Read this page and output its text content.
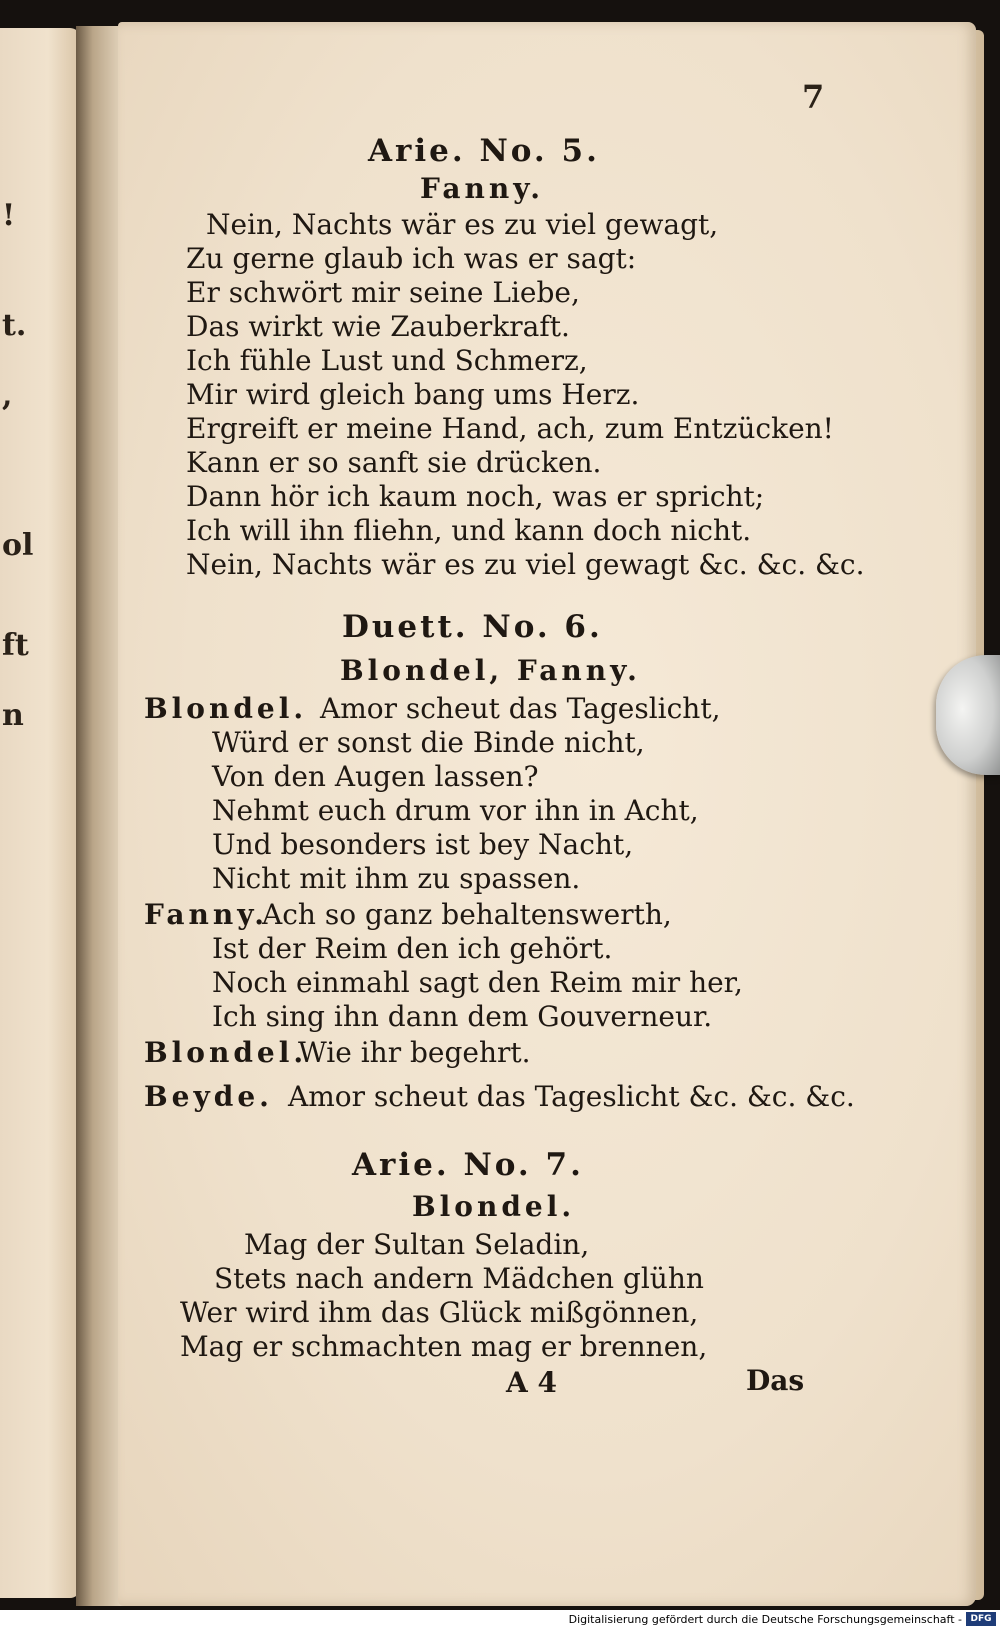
!
t.
,
ol
ft
n
7
Arie. No. 5.
Fanny.
Nein, Nachts wär es zu viel gewagt,
Zu gerne glaub ich was er sagt:
Er schwört mir seine Liebe,
Das wirkt wie Zauberkraft.
Ich fühle Lust und Schmerz,
Mir wird gleich bang ums Herz.
Ergreift er meine Hand, ach, zum Entzücken!
Kann er so sanft sie drücken.
Dann hör ich kaum noch, was er spricht;
Ich will ihn fliehn, und kann doch nicht.
Nein, Nachts wär es zu viel gewagt &c. &c. &c.
Duett. No. 6.
Blondel, Fanny.
Blondel. Amor scheut das Tageslicht,
Würd er sonst die Binde nicht,
Von den Augen lassen?
Nehmt euch drum vor ihn in Acht,
Und besonders ist bey Nacht,
Nicht mit ihm zu spassen.
Fanny.
Ach so ganz behaltenswerth,
Ist der Reim den ich gehört.
Noch einmahl sagt den Reim mir her,
Ich sing ihn dann dem Gouverneur.
Blondel.
Wie ihr begehrt.
Beyde. Amor scheut das Tageslicht &c. &c. &c.
Arie. No. 7.
Blondel.
Mag der Sultan Seladin,
Stets nach andern Mädchen glühn
Wer wird ihm das Glück mißgönnen,
Mag er schmachten mag er brennen,
A 4	Das
Digitalisierung gefördert durch die Deutsche Forschungsgemeinschaft - DFG
